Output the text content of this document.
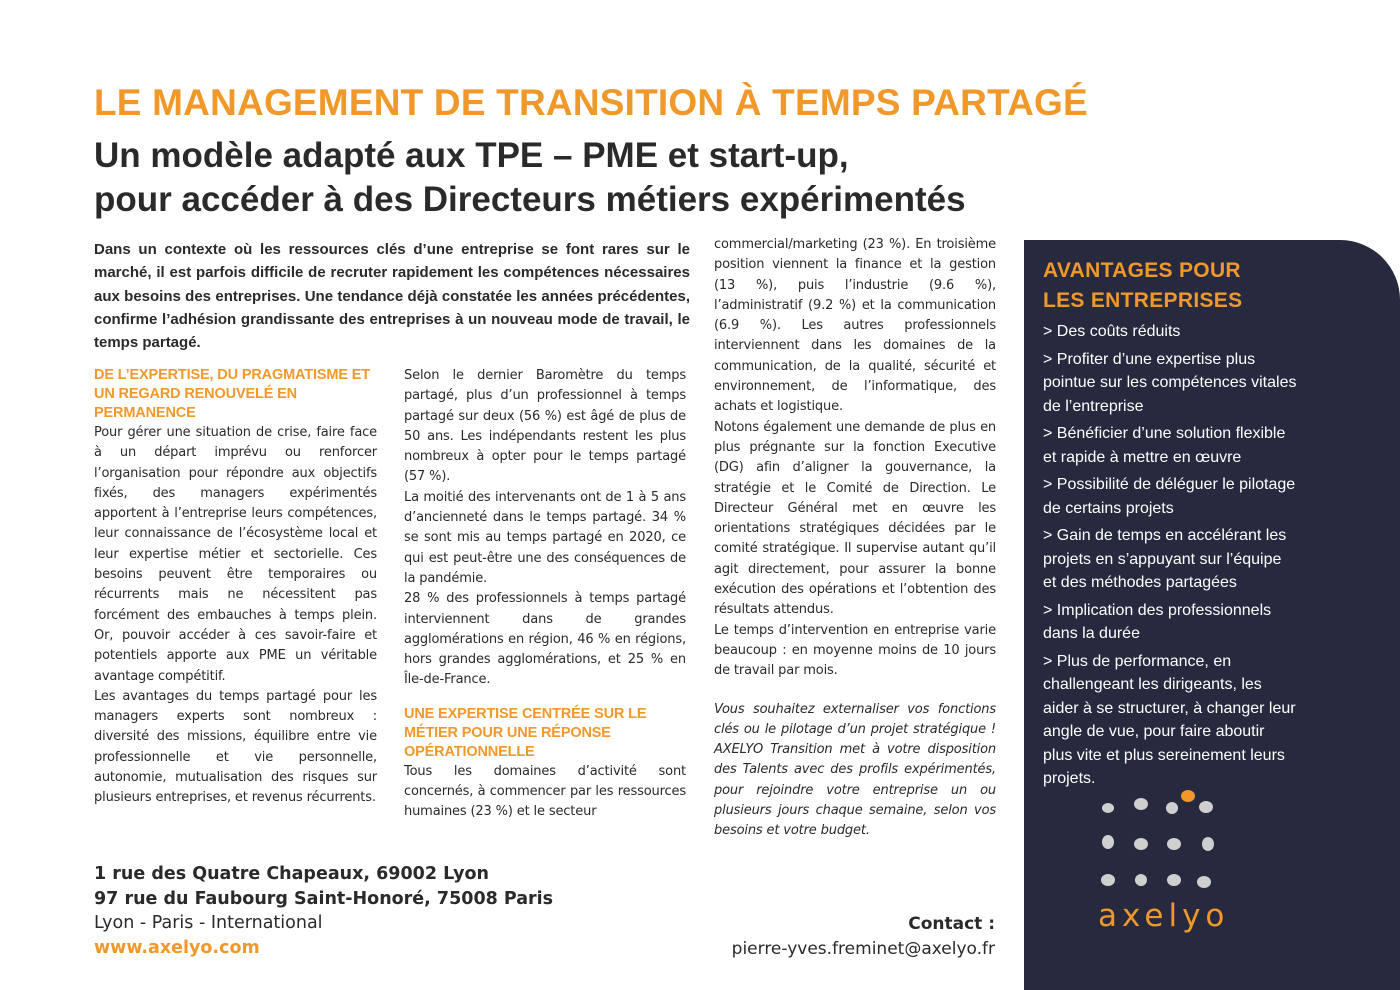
LE MANAGEMENT DE TRANSITION À TEMPS PARTAGÉ
Un modèle adapté aux TPE – PME et start-up,
pour accéder à des Directeurs métiers expérimentés

Dans un contexte où les ressources clés d’une entreprise se font rares sur le marché, il est parfois difficile de recruter rapidement les compétences nécessaires aux besoins des entreprises. Une tendance déjà constatée les années précédentes, confirme l’adhésion grandissante des entreprises à un nouveau mode de travail, le temps partagé.

DE L’EXPERTISE, DU PRAGMATISME ET UN REGARD RENOUVELÉ EN PERMANENCE

Pour gérer une situation de crise, faire face à un départ imprévu ou renforcer l’organisation pour répondre aux objectifs fixés, des managers expérimentés apportent à l’entreprise leurs compétences, leur connaissance de l’écosystème local et leur expertise métier et sectorielle. Ces besoins peuvent être temporaires ou récurrents mais ne nécessitent pas forcément des embauches à temps plein. Or, pouvoir accéder à ces savoir-faire et potentiels apporte aux PME un véritable avantage compétitif.

Les avantages du temps partagé pour les managers experts sont nombreux : diversité des missions, équilibre entre vie professionnelle et vie personnelle, autonomie, mutualisation des risques sur plusieurs entreprises, et revenus récurrents.

Selon le dernier Baromètre du temps partagé, plus d’un professionnel à temps partagé sur deux (56 %) est âgé de plus de 50 ans. Les indépendants restent les plus nombreux à opter pour le temps partagé (57 %).

La moitié des intervenants ont de 1 à 5 ans d’ancienneté dans le temps partagé. 34 % se sont mis au temps partagé en 2020, ce qui est peut-être une des conséquences de la pandémie.

28 % des professionnels à temps partagé interviennent dans de grandes agglomérations en région, 46 % en régions, hors grandes agglomérations, et 25 % en Île-de-France.

UNE EXPERTISE CENTRÉE SUR LE MÉTIER POUR UNE RÉPONSE OPÉRATIONNELLE

Tous les domaines d’activité sont concernés, à commencer par les ressources humaines (23 %) et le secteur

commercial/marketing (23 %). En troisième position viennent la finance et la gestion (13 %), puis l’industrie (9.6 %), l’administratif (9.2 %) et la communication (6.9 %). Les autres professionnels interviennent dans les domaines de la communication, de la qualité, sécurité et environnement, de l’informatique, des achats et logistique.

Notons également une demande de plus en plus prégnante sur la fonction Executive (DG) afin d’aligner la gouvernance, la stratégie et le Comité de Direction. Le Directeur Général met en œuvre les orientations stratégiques décidées par le comité stratégique. Il supervise autant qu’il agit directement, pour assurer la bonne exécution des opérations et l’obtention des résultats attendus.

Le temps d’intervention en entreprise varie beaucoup : en moyenne moins de 10 jours de travail par mois.

Vous souhaitez externaliser vos fonctions clés ou le pilotage d’un projet stratégique ! AXELYO Transition met à votre disposition des Talents avec des profils expérimentés, pour rejoindre votre entreprise un ou plusieurs jours chaque semaine, selon vos besoins et votre budget.

1 rue des Quatre Chapeaux, 69002 Lyon
97 rue du Faubourg Saint-Honoré, 75008 Paris
Lyon - Paris - International
www.axelyo.com
Contact :
pierre-yves.freminet@axelyo.fr
AVANTAGES POUR
LES ENTREPRISES
> Des coûts réduits
> Profiter d’une expertise plus pointue sur les compétences vitales de l’entreprise
> Bénéficier d’une solution flexible et rapide à mettre en œuvre
> Possibilité de déléguer le pilotage de certains projets
> Gain de temps en accélérant les projets en s’appuyant sur l’équipe et des méthodes partagées
> Implication des professionnels dans la durée
> Plus de performance, en challengeant les dirigeants, les aider à se structurer, à changer leur angle de vue, pour faire aboutir plus vite et plus sereinement leurs projets.
axelyo
